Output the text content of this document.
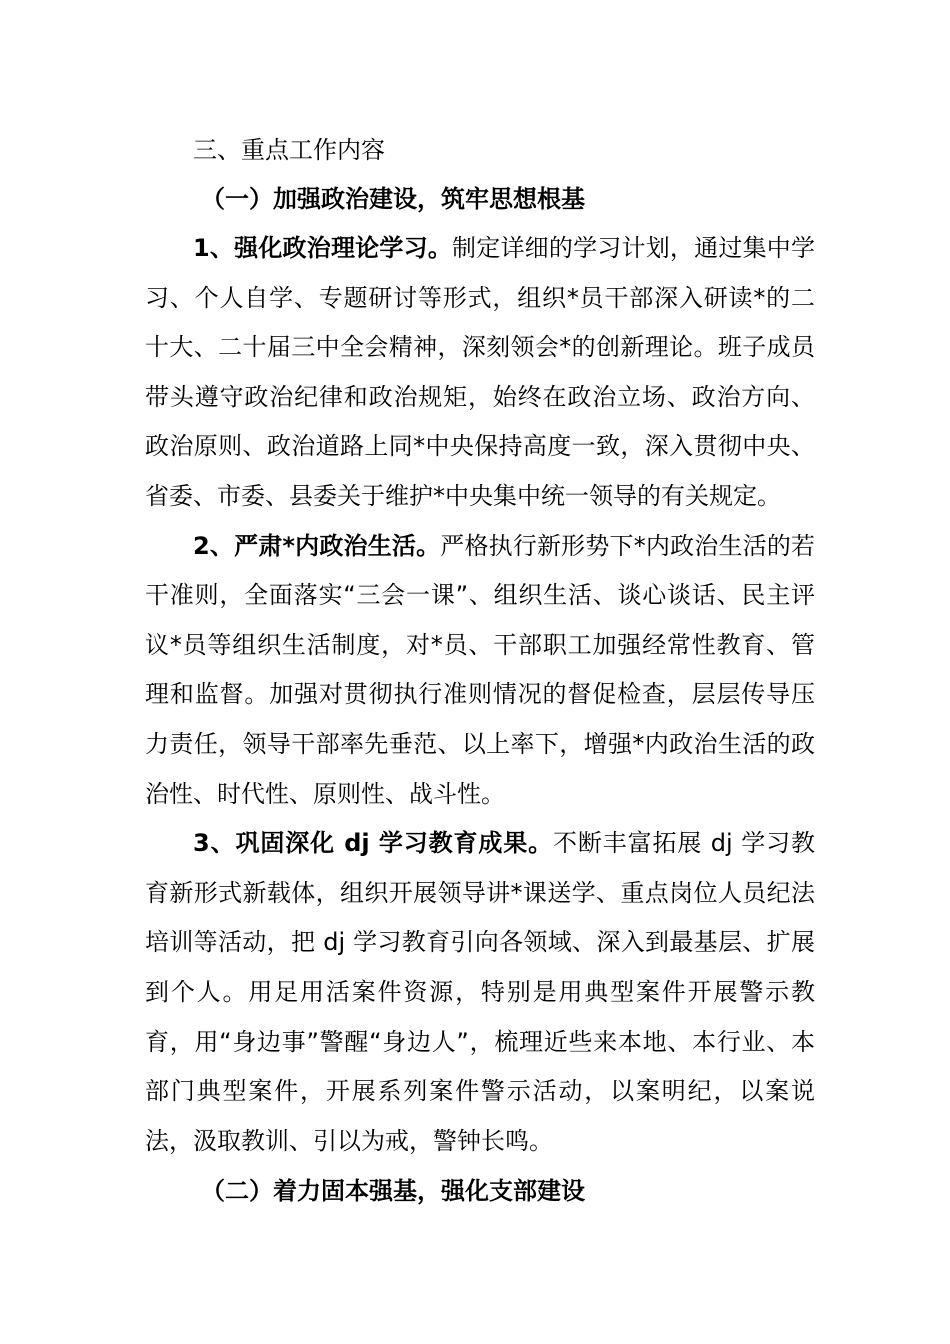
三、重点工作内容

（一）加强政治建设，筑牢思想根基

1、强化政治理论学习。制定详细的学习计划，通过集中学习、个人自学、专题研讨等形式，组织*员干部深入研读*的二十大、二十届三中全会精神，深刻领会*的创新理论。班子成员带头遵守政治纪律和政治规矩，始终在政治立场、政治方向、政治原则、政治道路上同*中央保持高度一致，深入贯彻中央、省委、市委、县委关于维护*中央集中统一领导的有关规定。

2、严肃*内政治生活。严格执行新形势下*内政治生活的若干准则，全面落实“三会一课”、组织生活、谈心谈话、民主评议*员等组织生活制度，对*员、干部职工加强经常性教育、管理和监督。加强对贯彻执行准则情况的督促检查，层层传导压力责任，领导干部率先垂范、以上率下，增强*内政治生活的政治性、时代性、原则性、战斗性。

3、巩固深化 dj 学习教育成果。不断丰富拓展 dj 学习教育新形式新载体，组织开展领导讲*课送学、重点岗位人员纪法培训等活动，把 dj 学习教育引向各领域、深入到最基层、扩展到个人。用足用活案件资源，特别是用典型案件开展警示教育，用“身边事”警醒“身边人”，梳理近些来本地、本行业、本部门典型案件，开展系列案件警示活动，以案明纪，以案说法，汲取教训、引以为戒，警钟长鸣。

（二）着力固本强基，强化支部建设
